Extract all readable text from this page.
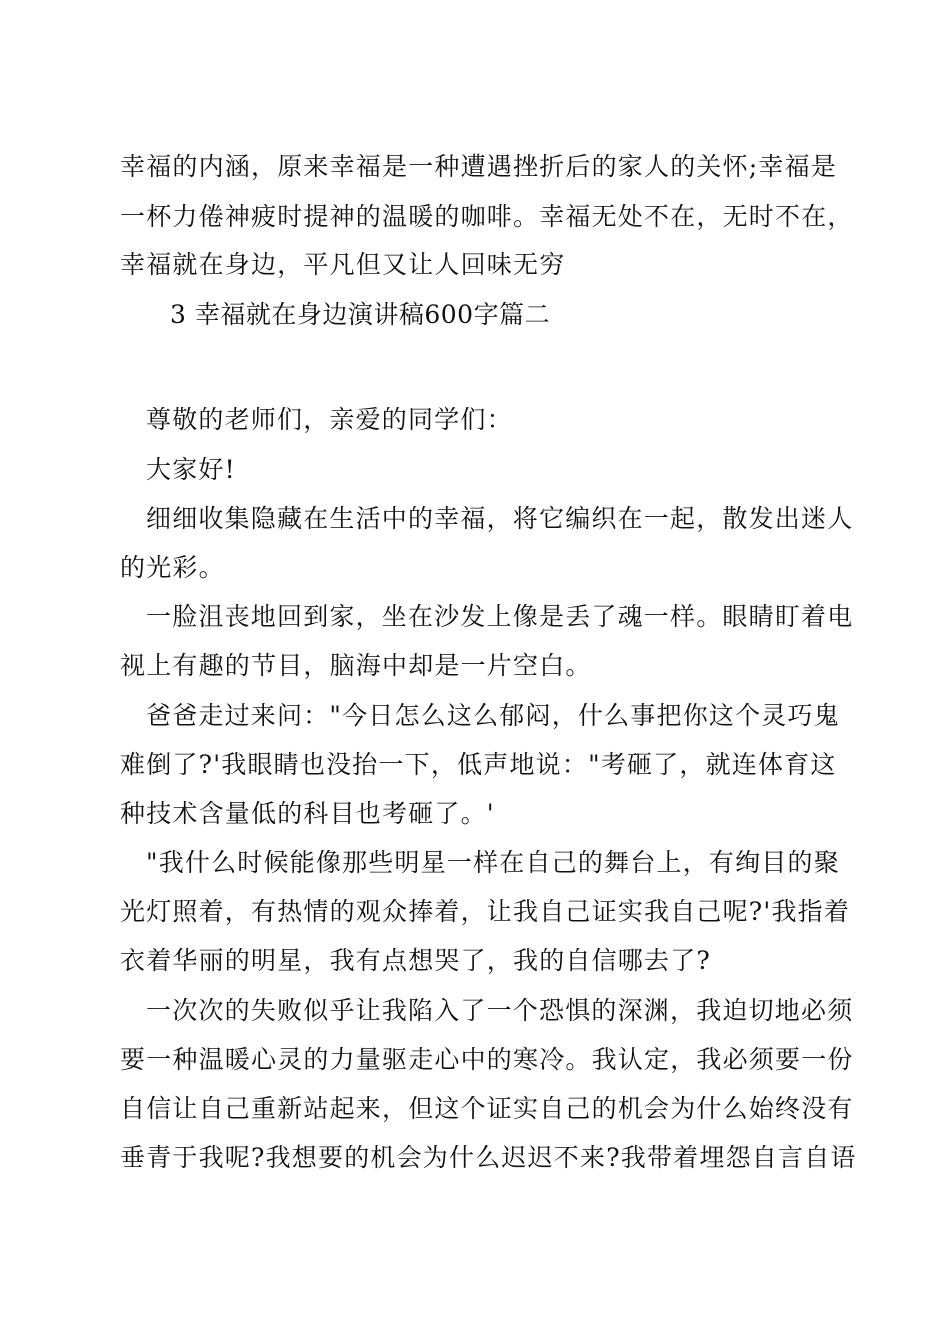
幸福的内涵，原来幸福是一种遭遇挫折后的家人的关怀;幸福是
一杯力倦神疲时提神的温暖的咖啡。幸福无处不在，无时不在，
幸福就在身边，平凡但又让人回味无穷
3 幸福就在身边演讲稿600字篇二
尊敬的老师们，亲爱的同学们：
大家好!
细细收集隐藏在生活中的幸福，将它编织在一起，散发出迷人
的光彩。
一脸沮丧地回到家，坐在沙发上像是丢了魂一样。眼睛盯着电
视上有趣的节目，脑海中却是一片空白。
爸爸走过来问："今日怎么这么郁闷，什么事把你这个灵巧鬼
难倒了?'我眼睛也没抬一下，低声地说："考砸了，就连体育这
种技术含量低的科目也考砸了。'
"我什么时候能像那些明星一样在自己的舞台上，有绚目的聚
光灯照着，有热情的观众捧着，让我自己证实我自己呢?'我指着
衣着华丽的明星，我有点想哭了，我的自信哪去了?
一次次的失败似乎让我陷入了一个恐惧的深渊，我迫切地必须
要一种温暖心灵的力量驱走心中的寒冷。我认定，我必须要一份
自信让自己重新站起来，但这个证实自己的机会为什么始终没有
垂青于我呢?我想要的机会为什么迟迟不来?我带着埋怨自言自语
